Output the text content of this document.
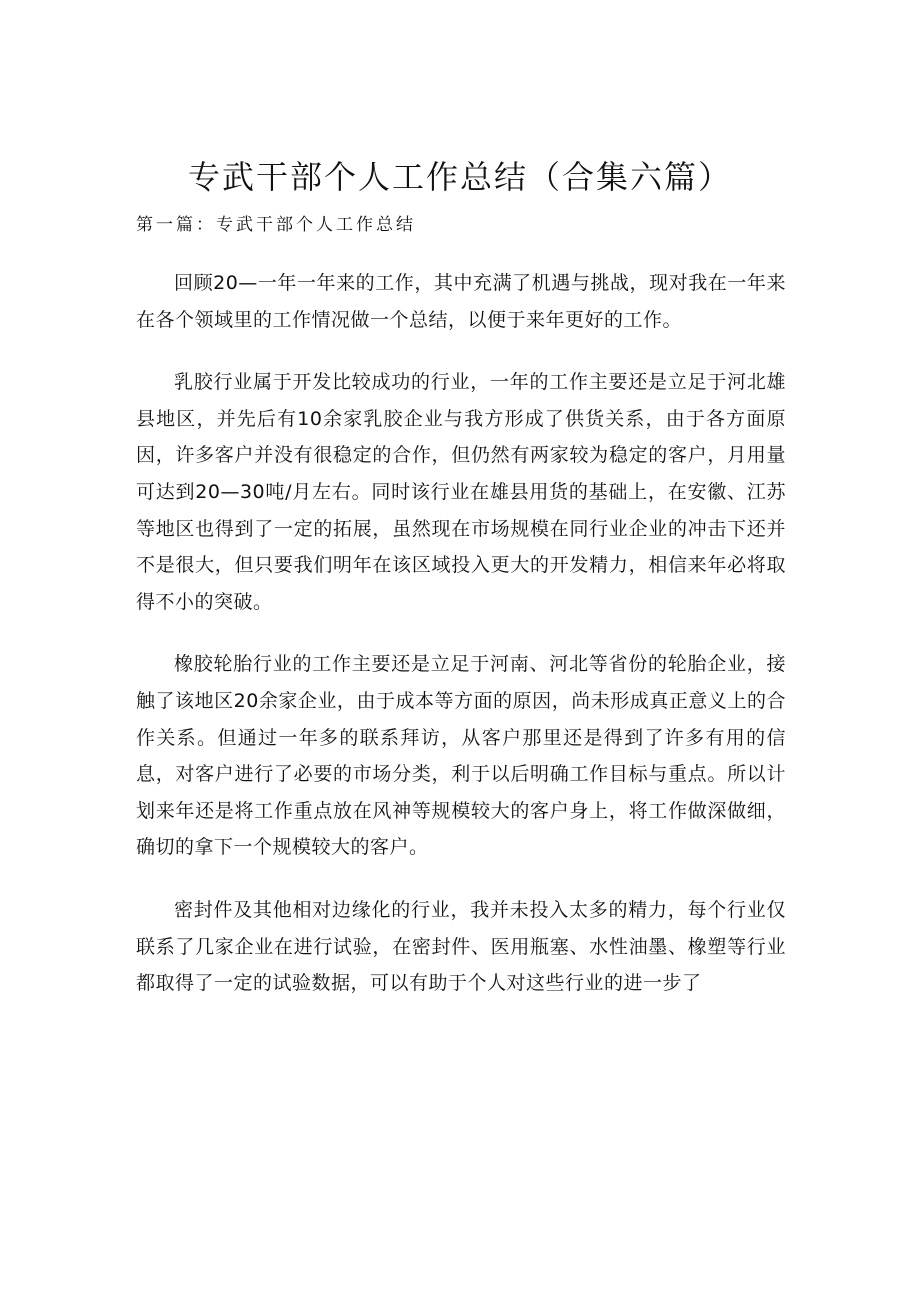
专武干部个人工作总结（合集六篇）

第一篇：专武干部个人工作总结

回顾20—一年一年来的工作，其中充满了机遇与挑战，现对我在一年来在各个领域里的工作情况做一个总结，以便于来年更好的工作。

乳胶行业属于开发比较成功的行业，一年的工作主要还是立足于河北雄县地区，并先后有10余家乳胶企业与我方形成了供货关系，由于各方面原因，许多客户并没有很稳定的合作，但仍然有两家较为稳定的客户，月用量可达到20—30吨/月左右。同时该行业在雄县用货的基础上，在安徽、江苏等地区也得到了一定的拓展，虽然现在市场规模在同行业企业的冲击下还并不是很大，但只要我们明年在该区域投入更大的开发精力，相信来年必将取得不小的突破。

橡胶轮胎行业的工作主要还是立足于河南、河北等省份的轮胎企业，接触了该地区20余家企业，由于成本等方面的原因，尚未形成真正意义上的合作关系。但通过一年多的联系拜访，从客户那里还是得到了许多有用的信息，对客户进行了必要的市场分类，利于以后明确工作目标与重点。所以计划来年还是将工作重点放在风神等规模较大的客户身上，将工作做深做细，确切的拿下一个规模较大的客户。

密封件及其他相对边缘化的行业，我并未投入太多的精力，每个行业仅联系了几家企业在进行试验，在密封件、医用瓶塞、水性油墨、橡塑等行业都取得了一定的试验数据，可以有助于个人对这些行业的进一步了
